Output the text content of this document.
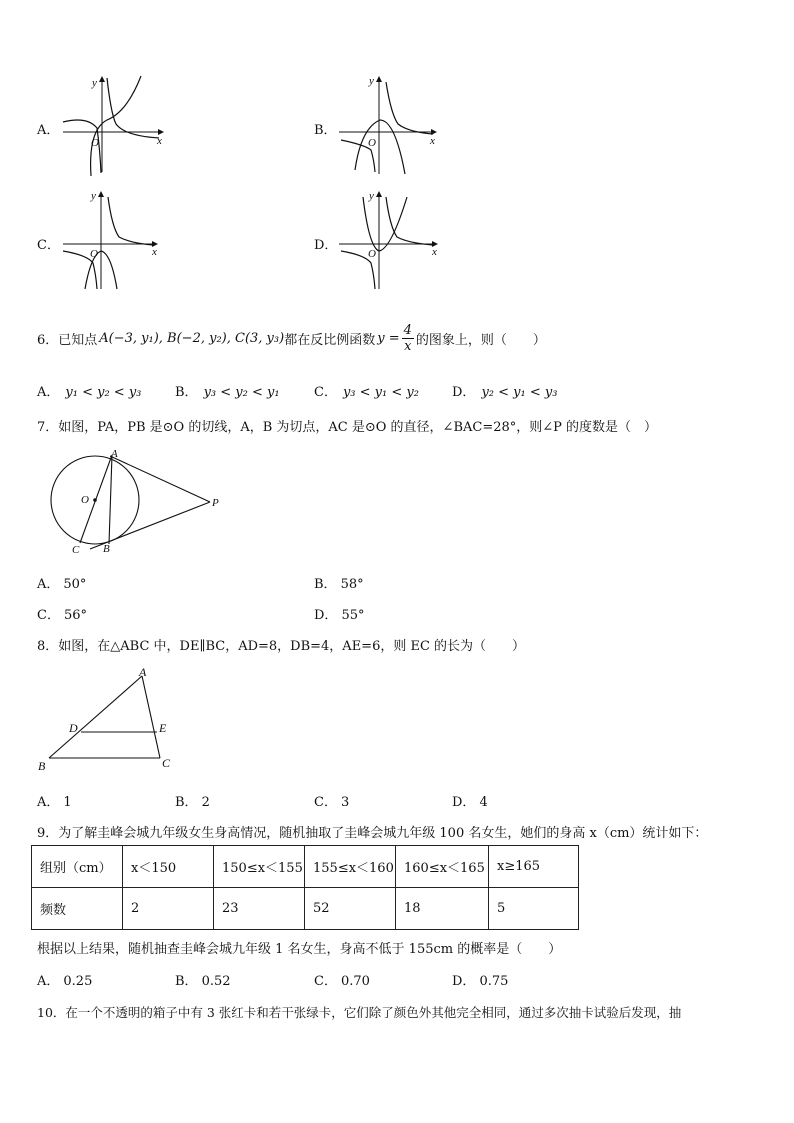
A．
y
x
O
B．
y
x
O
C．
y
x
O
D．
y
x
O
6．已知点 A(−3, y₁), B(−2, y₂), C(3, y₃) 都在反比例函数 $y = \frac{4}{x}$ 的图象上，则（　　）
A． y₁ < y₂ < y₃	B． y₃ < y₂ < y₁	C． y₃ < y₁ < y₂	D． y₂ < y₁ < y₃
7．如图，PA，PB 是⊙O 的切线，A，B 为切点，AC 是⊙O 的直径，∠BAC=28°，则∠P 的度数是（　）
A
O	P
C B
A． 50°	B． 58°
C． 56°	D． 55°
8．如图，在△ABC 中，DE∥BC，AD=8，DB=4，AE=6，则 EC 的长为（　　）
A
D	E
B	C
A． 1	B． 2	C． 3	D． 4
9．为了解圭峰会城九年级女生身高情况，随机抽取了圭峰会城九年级 100 名女生，她们的身高 x（cm）统计如下：
组别（cm）	x＜150	150≤x＜155	155≤x＜160	160≤x＜165	x≥165
频数	2	23	52	18	5
根据以上结果，随机抽查圭峰会城九年级 1 名女生，身高不低于 155cm 的概率是（　　）
A． 0.25	B． 0.52	C． 0.70	D． 0.75
10．在一个不透明的箱子中有 3 张红卡和若干张绿卡，它们除了颜色外其他完全相同，通过多次抽卡试验后发现，抽
